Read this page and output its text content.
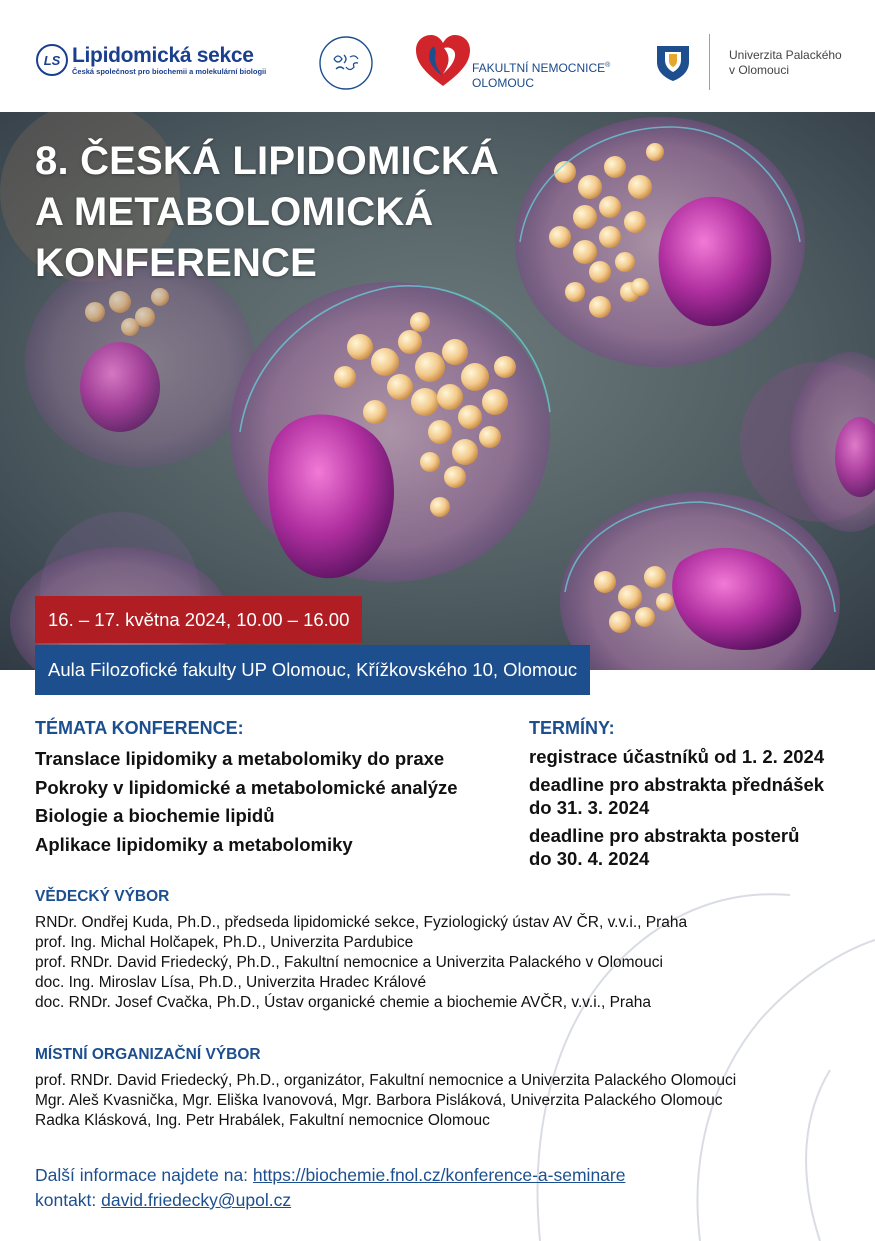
LS Lipidomická sekce
Česká společnost pro biochemii a molekulární biologii	FAKULTNÍ NEMOCNICE®
OLOMOUC
Univerzita Palackého
v Olomouci
8. ČESKÁ LIPIDOMICKÁ
A METABOLOMICKÁ
KONFERENCE
16. – 17. května 2024, 10.00 – 16.00
Aula Filozofické fakulty UP Olomouc, Křížkovského 10, Olomouc
TÉMATA KONFERENCE:
Translace lipidomiky a metabolomiky do praxe
Pokroky v lipidomické a metabolomické analýze
Biologie a biochemie lipidů
Aplikace lipidomiky a metabolomiky
TERMÍNY:
registrace účastníků od 1. 2. 2024
deadline pro abstrakta přednášek
do 31. 3. 2024
deadline pro abstrakta posterů
do 30. 4. 2024
VĚDECKÝ VÝBOR
RNDr. Ondřej Kuda, Ph.D., předseda lipidomické sekce, Fyziologický ústav AV ČR, v.v.i., Praha
prof. Ing. Michal Holčapek, Ph.D., Univerzita Pardubice
prof. RNDr. David Friedecký, Ph.D., Fakultní nemocnice a Univerzita Palackého v Olomouci
doc. Ing. Miroslav Lísa, Ph.D., Univerzita Hradec Králové
doc. RNDr. Josef Cvačka, Ph.D., Ústav organické chemie a biochemie AVČR, v.v.i., Praha
MÍSTNÍ ORGANIZAČNÍ VÝBOR
prof. RNDr. David Friedecký, Ph.D., organizátor, Fakultní nemocnice a Univerzita Palackého Olomouci
Mgr. Aleš Kvasnička, Mgr. Eliška Ivanovová, Mgr. Barbora Pisláková, Univerzita Palackého Olomouc
Radka Klásková, Ing. Petr Hrabálek, Fakultní nemocnice Olomouc
Další informace najdete na: https://biochemie.fnol.cz/konference-a-seminare
kontakt: david.friedecky@upol.cz
